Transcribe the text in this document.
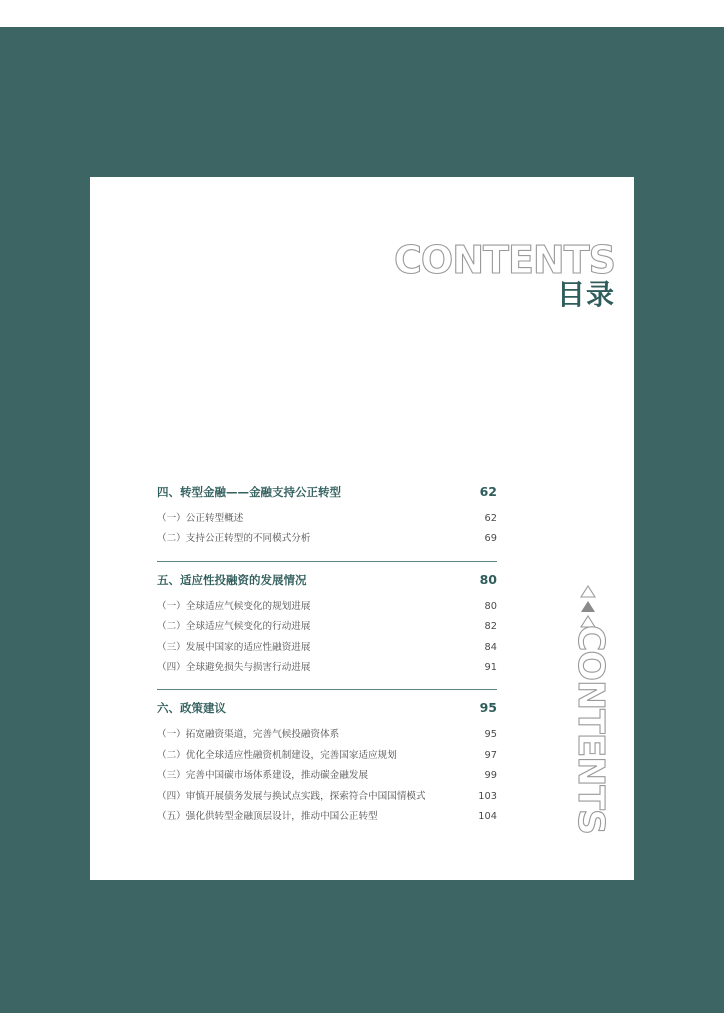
CONTENTS
目录
四、转型金融——金融支持公正转型	62
（一）公正转型概述	62
（二）支持公正转型的不同模式分析	69
五、适应性投融资的发展情况	80
（一）全球适应气候变化的规划进展	80
（二）全球适应气候变化的行动进展	82
（三）发展中国家的适应性融资进展	84
（四）全球避免损失与损害行动进展	91
六、政策建议	95
（一）拓宽融资渠道，完善气候投融资体系	95
（二）优化全球适应性融资机制建设，完善国家适应规划	97
（三）完善中国碳市场体系建设，推动碳金融发展	99
（四）审慎开展债务发展与换试点实践，探索符合中国国情模式	103
（五）强化供转型金融顶层设计，推动中国公正转型	104 CONTENTS
